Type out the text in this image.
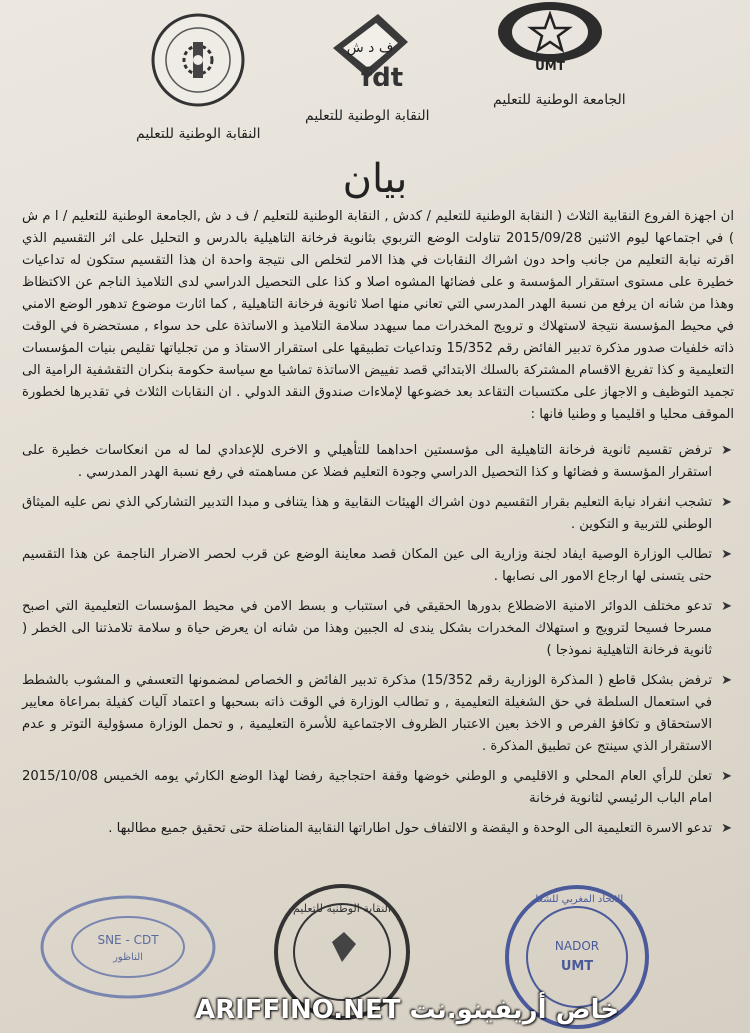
ف د ش
fdt	UMT
النقابة الوطنية للتعليم
النقابة الوطنية للتعليم
الجامعة الوطنية للتعليم
بيان

ان اجهزة الفروع النقابية الثلاث ( النقابة الوطنية للتعليم / كدش , النقابة الوطنية للتعليم / ف د ش ,الجامعة الوطنية للتعليم / ا م ش ) في اجتماعها ليوم الاثنين 2015/09/28 تناولت الوضع التربوي بثانوية فرخانة التاهيلية بالدرس و التحليل على اثر التقسيم الذي اقرته نيابة التعليم من جانب واحد دون اشراك النقابات في هذا الامر لتخلص الى نتيجة واحدة ان هذا التقسيم ستكون له تداعيات خطيرة على مستوى استقرار المؤسسة و على فضائها المشوه اصلا و كذا على التحصيل الدراسي لدى التلاميذ الناجم عن الاكتظاظ وهذا من شانه ان يرفع من نسبة الهدر المدرسي التي تعاني منها اصلا ثانوية فرخانة التاهيلية , كما اثارت موضوع تدهور الوضع الامني في محيط المؤسسة نتيجة لاستهلاك و ترويج المخدرات مما سيهدد سلامة التلاميذ و الاساتذة على حد سواء , مستحضرة في الوقت ذاته خلفيات صدور مذكرة تدبير الفائض رقم 15/352 وتداعيات تطبيقها على استقرار الاستاذ و من تجلياتها تقليص بنيات المؤسسات التعليمية و كذا تفريغ الاقسام المشتركة بالسلك الابتدائي قصد تفييض الاساتذة تماشيا مع سياسة حكومة بنكران التقشفية الرامية الى تجميد التوظيف و الاجهاز على مكتسبات التقاعد بعد خضوعها لإملاءات صندوق النقد الدولي . ان النقابات الثلاث في تقديرها لخطورة الموقف محليا و اقليميا و وطنيا فانها :

➤
ترفض تقسيم ثانوية فرخانة التاهيلية الى مؤسستين احداهما للتأهيلي و الاخرى للإعدادي لما له من انعكاسات خطيرة على استقرار المؤسسة و فضائها و كذا التحصيل الدراسي وجودة التعليم فضلا عن مساهمته في رفع نسبة الهدر المدرسي .
➤
تشجب انفراد نيابة التعليم بقرار التقسيم دون اشراك الهيئات النقابية و هذا يتنافى و مبدا التدبير التشاركي الذي نص عليه الميثاق الوطني للتربية و التكوين .
➤
تطالب الوزارة الوصية ايفاد لجنة وزارية الى عين المكان قصد معاينة الوضع عن قرب لحصر الاضرار الناجمة عن هذا التقسيم حتى يتسنى لها ارجاع الامور الى نصابها .
➤
تدعو مختلف الدوائر الامنية الاضطلاع بدورها الحقيقي في استتباب و بسط الامن في محيط المؤسسات التعليمية التي اصبح مسرحا فسيحا لترويج و استهلاك المخدرات بشكل يندى له الجبين وهذا من شانه ان يعرض حياة و سلامة تلامذتنا الى الخطر ( ثانوية فرخانة التاهيلية نموذجا )
➤
ترفض بشكل قاطع ( المذكرة الوزارية رقم 15/352) مذكرة تدبير الفائض و الخصاص لمضمونها التعسفي و المشوب بالشطط في استعمال السلطة في حق الشغيلة التعليمية , و تطالب الوزارة في الوقت ذاته بسحبها و اعتماد آليات كفيلة بمراعاة معايير الاستحقاق و تكافؤ الفرص و الاخذ بعين الاعتبار الظروف الاجتماعية للأسرة التعليمية , و تحمل الوزارة مسؤولية التوتر و عدم الاستقرار الذي سينتج عن تطبيق المذكرة .
➤
تعلن للرأي العام المحلي و الاقليمي و الوطني خوضها وقفة احتجاجية رفضا لهذا الوضع الكارثي يومه الخميس 2015/10/08 امام الباب الرئيسي لثانوية فرخانة
➤
تدعو الاسرة التعليمية الى الوحدة و اليقضة و الالتفاف حول اطاراتها النقابية المناضلة حتى تحقيق جميع مطالبها .
SNE - CDT
الناظور
النقابة الوطنية للتعليم
الاتحاد المغربي للشغل
NADOR
UMT
ARIFFINO.NET خاص أريفينو.نت
